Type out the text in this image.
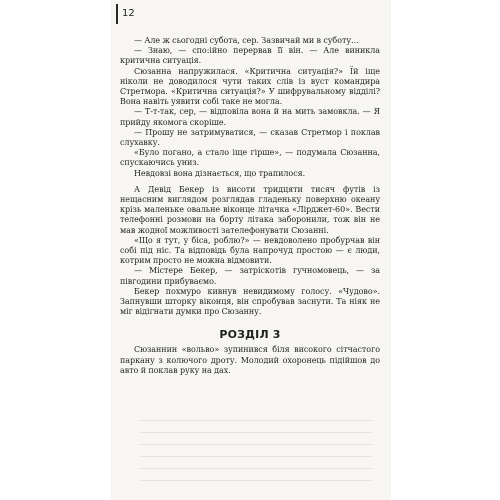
12

— Але ж сьогодні субота, сер. Зазвичай ми в суботу…

— Знаю, — спо:ійно перервав її він. — Але виникла критична ситуація.

Сюзанна напружилася. «Критична ситуація?» Їй іще ніколи не доводилося чути таких слів із вуст командира Стретмора. «Критична ситуація?» У шифрувальному відділі? Вона навіть уявити собі таке не могла.

— Т-т-так, сер, — відповіла вона й на мить замовкла. — Я прийду якомога скоріше.

— Прошу не затримуватися, — сказав Стретмор і поклав слухавку.

«Було погано, а стало іще гірше», — подумала Сюзанна, спускаючись униз.

Невдовзі вона дізнається, що трапилося.

А Девід Бекер із висоти тридцяти тисяч футів із нещасним виглядом розглядав гладеньку поверхню океану крізь маленьке овальне віконце літачка «Лірджет-60». Вести телефонні розмови на борту літака заборонили, тож він не мав жодної можливості зателефонувати Сюзанні.

«Що я тут, у біса, роблю?» — невдоволено пробурчав він собі під ніс. Та відповідь була напрочуд простою — є люди, котрим просто не можна відмовити.

— Містере Бекер, — затріскотів гучномовець, — за півгодини прибуваємо.

Бекер похмуро кивнув невидимому голосу. «Чудово». Запнувши шторку віконця, він спробував заснути. Та ніяк не міг відігнати думки про Сюзанну.

РОЗДІЛ 3

Сюзаннин «вольво» зупинився біля високого сітчастого паркану з колючого дроту. Молодий охоронець підійшов до авто й поклав руку на дах.
